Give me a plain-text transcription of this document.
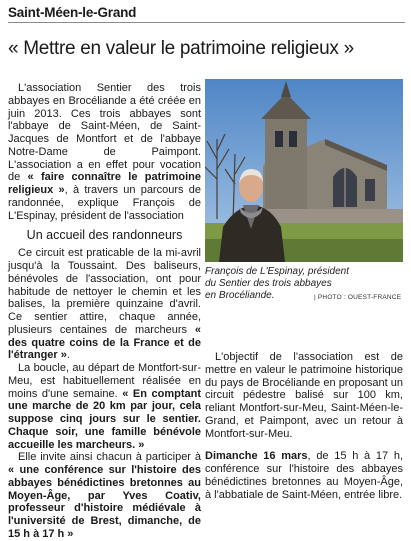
Saint-Méen-le-Grand
« Mettre en valeur le patrimoine religieux »

L'association Sentier des trois abbayes en Brocéliande a été créée en juin 2013. Ces trois abbayes sont l'abbaye de Saint-Méen, de Saint-Jacques de Montfort et de l'abbaye Notre-Dame de Paimpont. L'association a en effet pour vocation de « faire connaître le patrimoine religieux », à travers un parcours de randonnée, explique François de L'Espinay, président de l'association

Un accueil des randonneurs

Ce circuit est praticable de la mi-avril jusqu'à la Toussaint. Des baliseurs, bénévoles de l'association, ont pour habitude de nettoyer le chemin et les balises, la première quinzaine d'avril. Ce sentier attire, chaque année, plusieurs centaines de marcheurs « des quatre coins de la France et de l'étranger ».

La boucle, au départ de Montfort-sur-Meu, est habituellement réalisée en moins d'une semaine. « En comptant une marche de 20 km par jour, cela suppose cinq jours sur le sentier. Chaque soir, une famille bénévole accueille les marcheurs. »

Elle invite ainsi chacun à participer à « une conférence sur l'histoire des abbayes bénédictines bretonnes au Moyen-Âge, par Yves Coativ, professeur d'histoire médiévale à l'université de Brest, dimanche, de 15 h à 17 h »

François de L'Espinay, président
du Sentier des trois abbayes
en Brocéliande.	| PHOTO : OUEST-FRANCE

L'objectif de l'association est de mettre en valeur le patrimoine historique du pays de Brocéliande en proposant un circuit pédestre balisé sur 100 km, reliant Montfort-sur-Meu, Saint-Méen-le-Grand, et Paimpont, avec un retour à Montfort-sur-Meu.

Dimanche 16 mars, de 15 h à 17 h, conférence sur l'histoire des abbayes bénédictines bretonnes au Moyen-Âge, à l'abbatiale de Saint-Méen, entrée libre.
